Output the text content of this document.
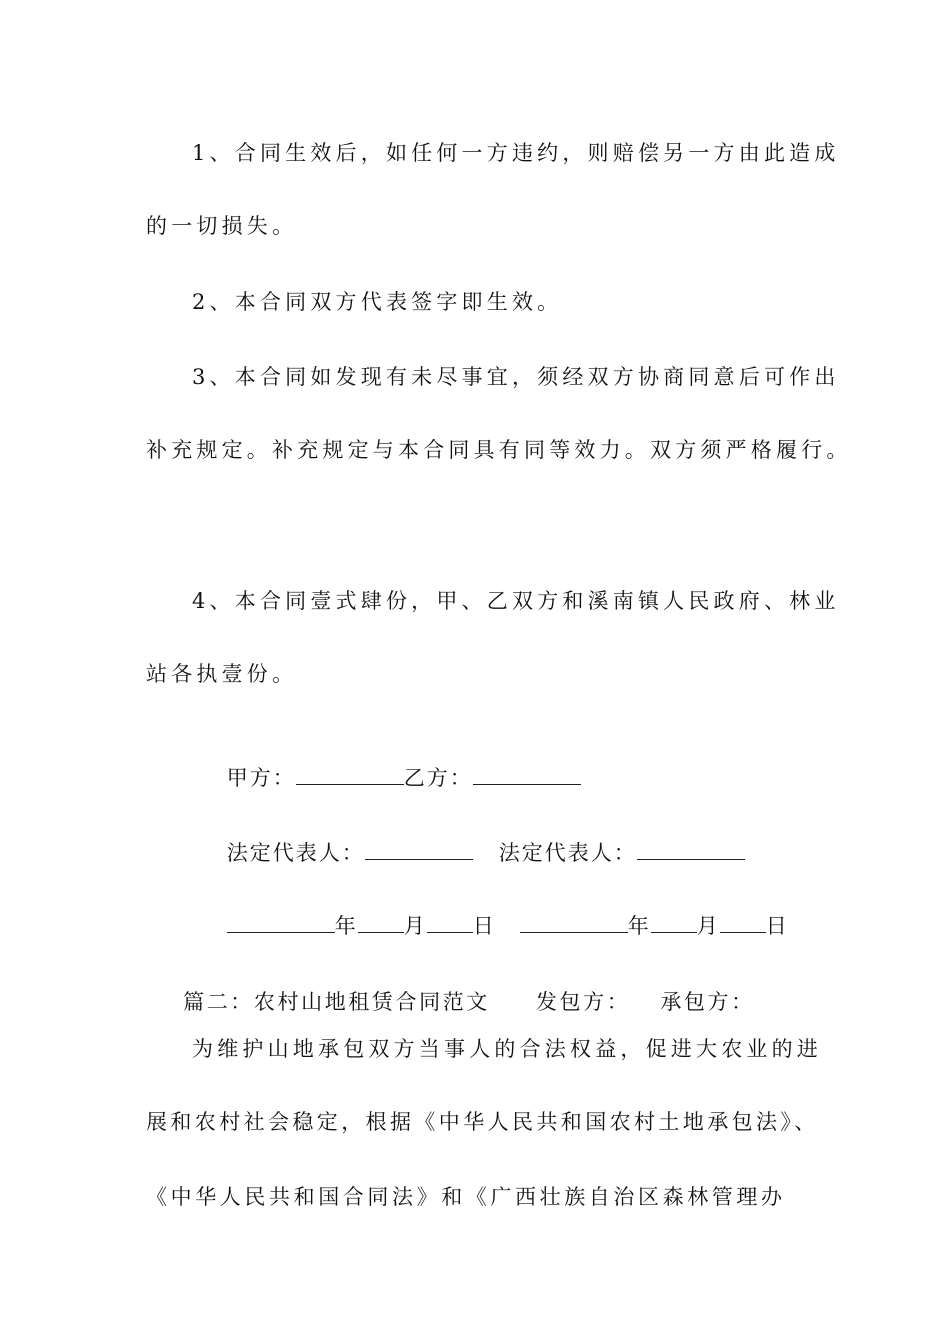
1、合同生效后，如任何一方违约，则赔偿另一方由此造成
的一切损失。
2、本合同双方代表签字即生效。
3、本合同如发现有未尽事宜，须经双方协商同意后可作出
补充规定。补充规定与本合同具有同等效力。双方须严格履行。
4、本合同壹式肆份，甲、乙双方和溪南镇人民政府、林业
站各执壹份。

甲方：	乙方：

法定代表人：	法定代表人：

年 月 日	年 月 日

篇二：农村山地租赁合同范文 发包方： 承包方：

为维护山地承包双方当事人的合法权益，促进大农业的进
展和农村社会稳定，根据《中华人民共和国农村土地承包法》、
《中华人民共和国合同法》和《广西壮族自治区森林管理办
